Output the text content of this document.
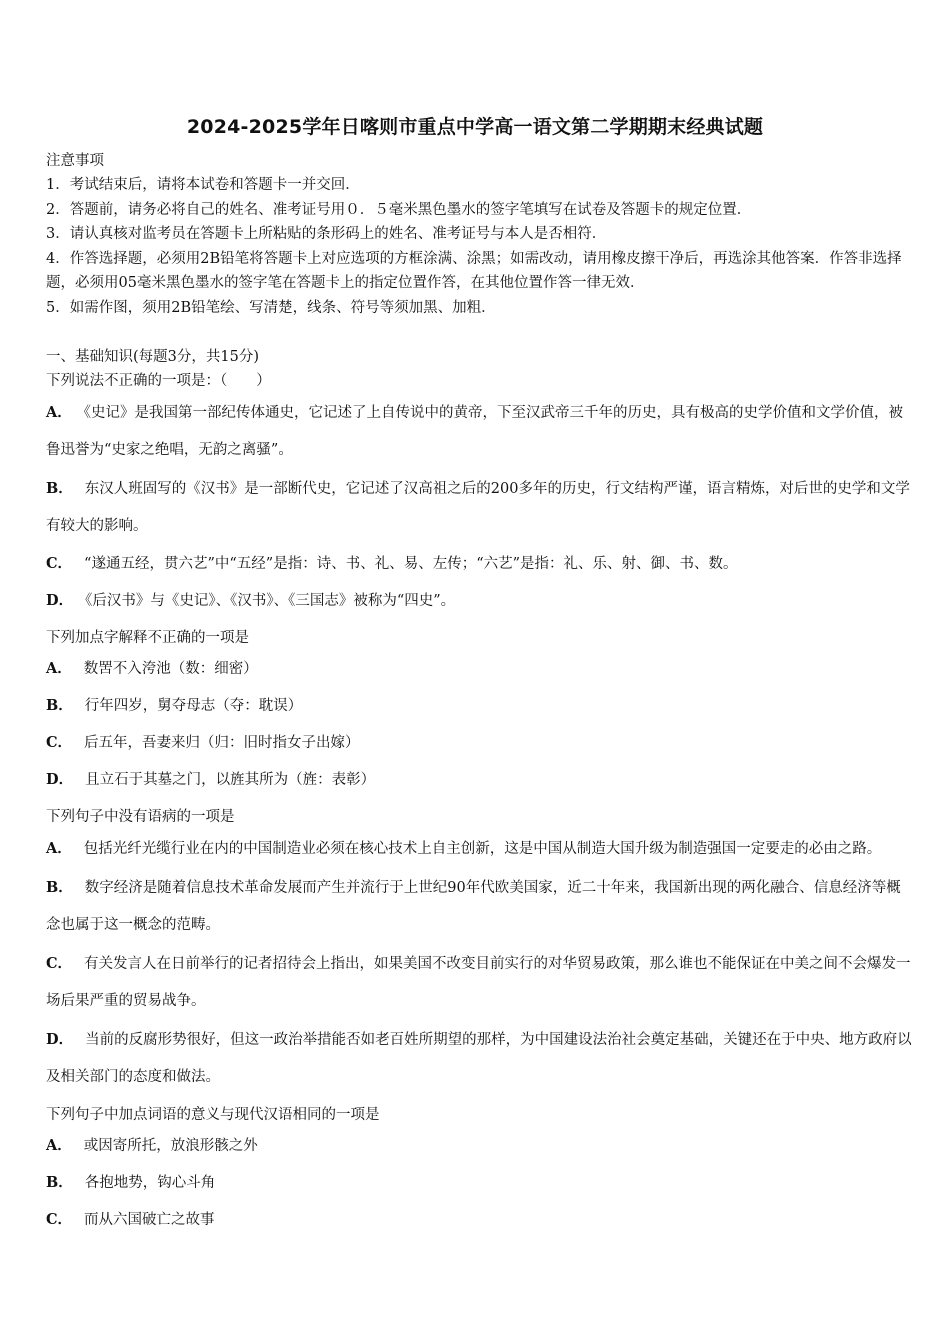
2024-2025学年日喀则市重点中学高一语文第二学期期末经典试题
注意事项
1．考试结束后，请将本试卷和答题卡一并交回．
2．答题前，请务必将自己的姓名、准考证号用０．５毫米黑色墨水的签字笔填写在试卷及答题卡的规定位置．
3．请认真核对监考员在答题卡上所粘贴的条形码上的姓名、准考证号与本人是否相符．
4．作答选择题，必须用2B铅笔将答题卡上对应选项的方框涂满、涂黑；如需改动，请用橡皮擦干净后，再选涂其他答案．作答非选择题，必须用05毫米黑色墨水的签字笔在答题卡上的指定位置作答，在其他位置作答一律无效．
5．如需作图，须用2B铅笔绘、写清楚，线条、符号等须加黑、加粗．
一、基础知识(每题3分，共15分)
下列说法不正确的一项是：（　　）
A． 《史记》是我国第一部纪传体通史，它记述了上自传说中的黄帝，下至汉武帝三千年的历史，具有极高的史学价值和文学价值，被鲁迅誉为“史家之绝唱，无韵之离骚”。
B． 东汉人班固写的《汉书》是一部断代史，它记述了汉高祖之后的200多年的历史，行文结构严谨，语言精炼，对后世的史学和文学有较大的影响。
C． “遂通五经，贯六艺”中“五经”是指：诗、书、礼、易、左传；“六艺”是指：礼、乐、射、御、书、数。
D． 《后汉书》与《史记》、《汉书》、《三国志》被称为“四史”。
下列加点字解释不正确的一项是
A． 数罟不入洿池（数：细密）
B． 行年四岁，舅夺母志（夺：耽误）
C． 后五年，吾妻来归（归：旧时指女子出嫁）
D． 且立石于其墓之门，以旌其所为（旌：表彰）
下列句子中没有语病的一项是
A． 包括光纤光缆行业在内的中国制造业必须在核心技术上自主创新，这是中国从制造大国升级为制造强国一定要走的必由之路。
B． 数字经济是随着信息技术革命发展而产生并流行于上世纪90年代欧美国家，近二十年来，我国新出现的两化融合、信息经济等概念也属于这一概念的范畴。
C． 有关发言人在日前举行的记者招待会上指出，如果美国不改变目前实行的对华贸易政策，那么谁也不能保证在中美之间不会爆发一场后果严重的贸易战争。
D． 当前的反腐形势很好，但这一政治举措能否如老百姓所期望的那样，为中国建设法治社会奠定基础，关键还在于中央、地方政府以及相关部门的态度和做法。
下列句子中加点词语的意义与现代汉语相同的一项是
A． 或因寄所托，放浪形骸之外
B． 各抱地势，钩心斗角
C． 而从六国破亡之故事
